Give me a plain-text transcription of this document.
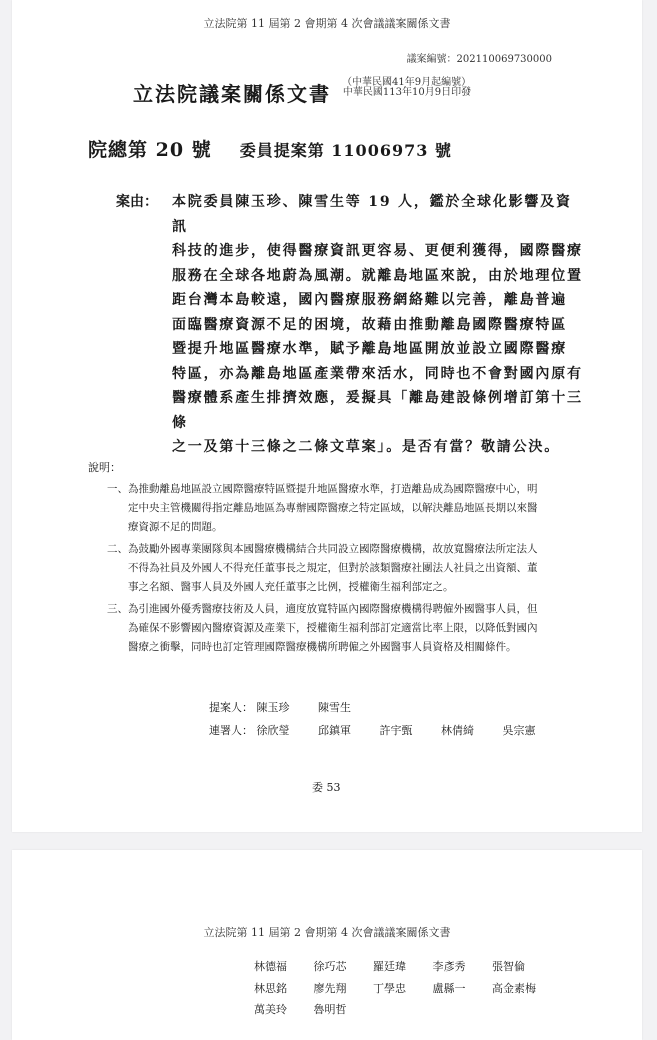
立法院第 11 屆第 2 會期第 4 次會議議案關係文書
議案編號：202110069730000
立法院議案關係文書 （中華民國41年9月起編號）
中華民國113年10月9日印發
院總第 20 號 委員提案第 11006973 號
案由： 本院委員陳玉珍、陳雪生等 19 人，鑑於全球化影響及資訊
科技的進步，使得醫療資訊更容易、更便利獲得，國際醫療
服務在全球各地蔚為風潮。就離島地區來說，由於地理位置
距台灣本島較遠，國內醫療服務網絡難以完善，離島普遍
面臨醫療資源不足的困境，故藉由推動離島國際醫療特區
暨提升地區醫療水準，賦予離島地區開放並設立國際醫療
特區，亦為離島地區產業帶來活水，同時也不會對國內原有
醫療體系產生排擠效應，爰擬具「離島建設條例增訂第十三條
之一及第十三條之二條文草案」。是否有當？敬請公決。
說明：
一、 為推動離島地區設立國際醫療特區暨提升地區醫療水準，打造離島成為國際醫療中心，明
定中央主管機關得指定離島地區為專辦國際醫療之特定區域，以解決離島地區長期以來醫
療資源不足的問題。
二、 為鼓勵外國專業團隊與本國醫療機構結合共同設立國際醫療機構，故放寬醫療法所定法人
不得為社員及外國人不得充任董事長之規定，但對於該類醫療社團法人社員之出資額、董
事之名額、醫事人員及外國人充任董事之比例，授權衛生福利部定之。
三、 為引進國外優秀醫療技術及人員，適度放寬特區內國際醫療機構得聘僱外國醫事人員，但
為確保不影響國內醫療資源及產業下，授權衛生福利部訂定適當比率上限，以降低對國內
醫療之衝擊，同時也訂定管理國際醫療機構所聘僱之外國醫事人員資格及相關條件。
提案人： 陳玉珍	陳雪生
連署人： 徐欣瑩	邱鎮軍	許宇甄	林倩綺	吳宗憲
委 53
立法院第 11 屆第 2 會期第 4 次會議議案關係文書
林德福 徐巧芯 羅廷瑋 李彥秀 張智倫
林思銘 廖先翔 丁學忠 盧縣一 高金素梅
萬美玲 魯明哲
